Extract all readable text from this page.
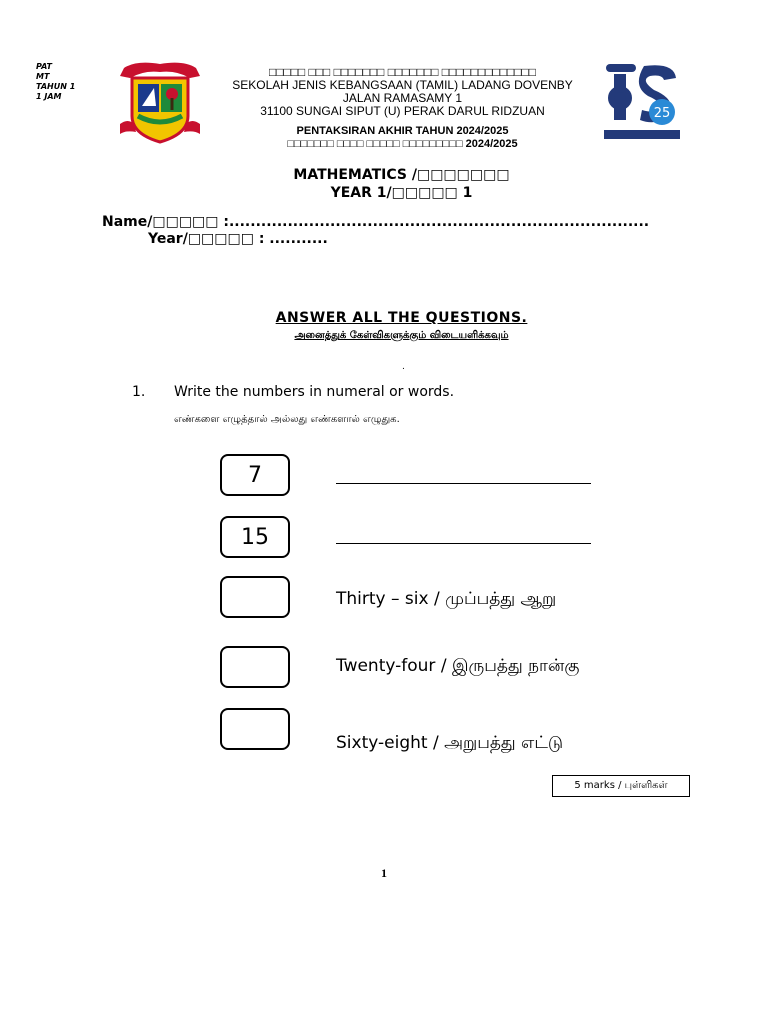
PAT
MT
TAHUN 1
1 JAM
□□□□□ □□□ □□□□□□□ □□□□□□□ □□□□□□□□□□□□□
SEKOLAH JENIS KEBANGSAAN (TAMIL) LADANG DOVENBY
JALAN RAMASAMY 1
31100 SUNGAI SIPUT (U) PERAK DARUL RIDZUAN
PENTAKSIRAN AKHIR TAHUN 2024/2025
□□□□□□□ □□□□ □□□□□ □□□□□□□□□ 2024/2025
25
MATHEMATICS /□□□□□□□
YEAR 1/□□□□□ 1
Name/□□□□□ :...............................................................................
Year/□□□□□ : ...........
ANSWER ALL THE QUESTIONS.
அனைத்துக் கேள்விகளுக்கும் விடையளிக்கவும்
.
1. Write the numbers in numeral or words.
எண்களை எழுத்தால் அல்லது எண்களால் எழுதுக.
7
15
Thirty – six / முப்பத்து ஆறு
Twenty-four / இருபத்து நான்கு
Sixty-eight / அறுபத்து எட்டு
5 marks / புள்ளிகள்
1
